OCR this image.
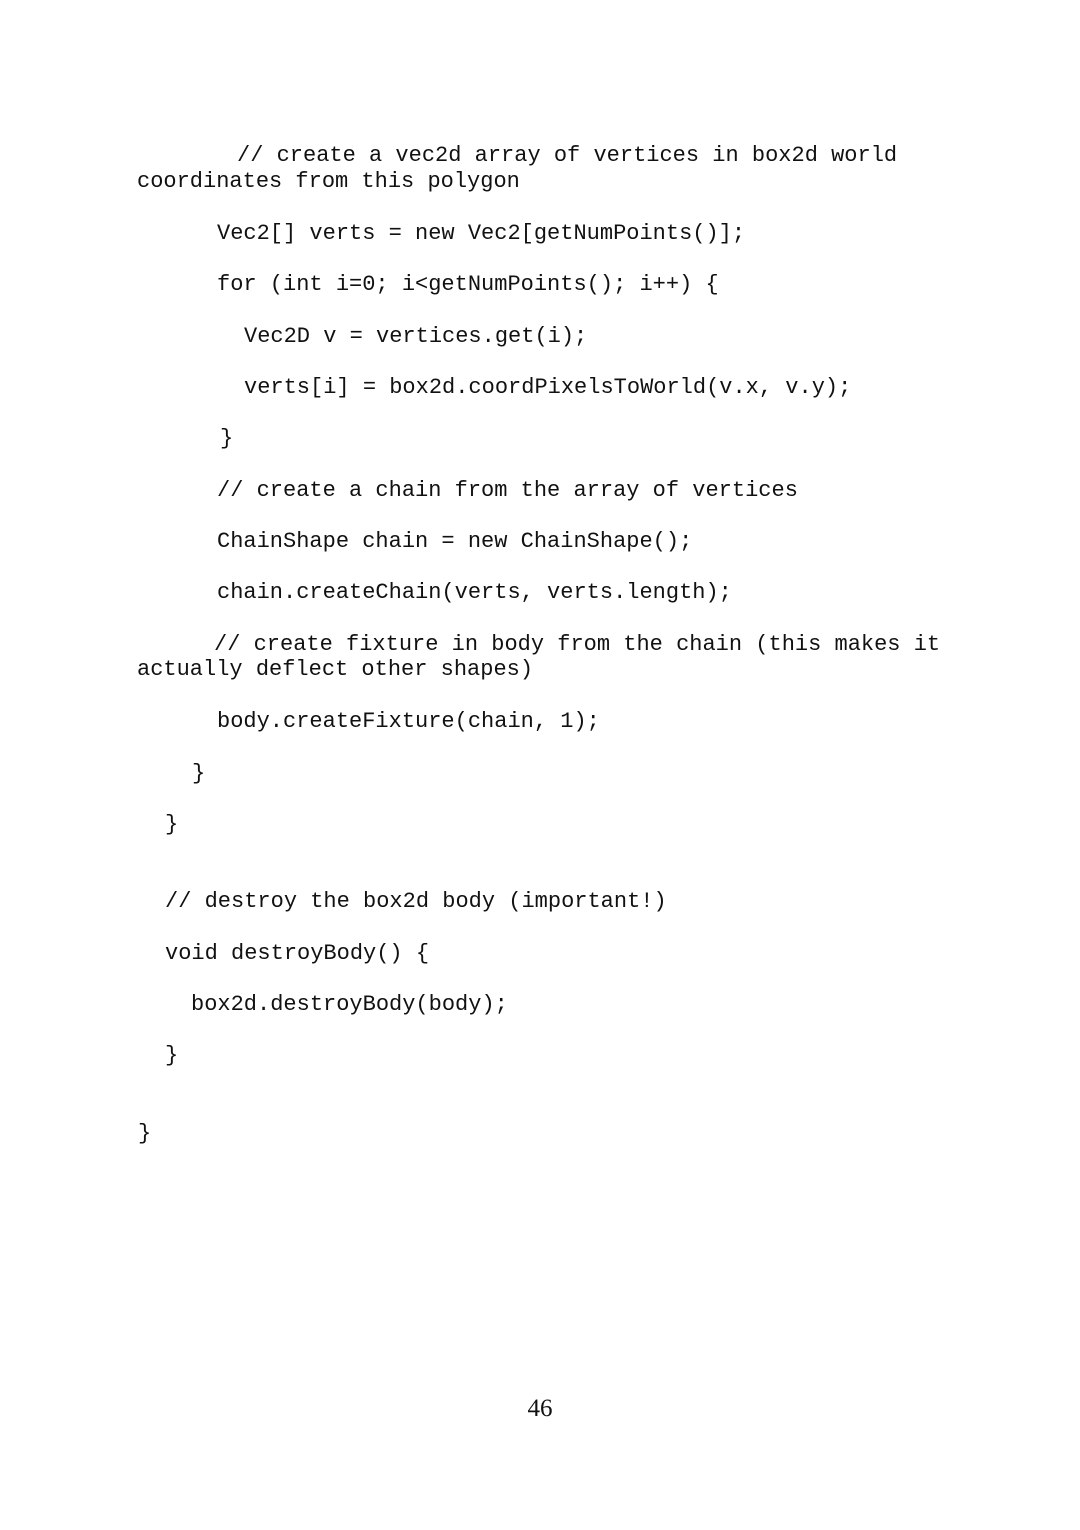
// create a vec2d array of vertices in box2d world

coordinates from this polygon

Vec2[] verts = new Vec2[getNumPoints()];

for (int i=0; i<getNumPoints(); i++) {

Vec2D v = vertices.get(i);

verts[i] = box2d.coordPixelsToWorld(v.x, v.y);

}

// create a chain from the array of vertices

ChainShape chain = new ChainShape();

chain.createChain(verts, verts.length);

// create fixture in body from the chain (this makes it

actually deflect other shapes)

body.createFixture(chain, 1);

}

}

// destroy the box2d body (important!)

void destroyBody() {

box2d.destroyBody(body);

}

}

46
